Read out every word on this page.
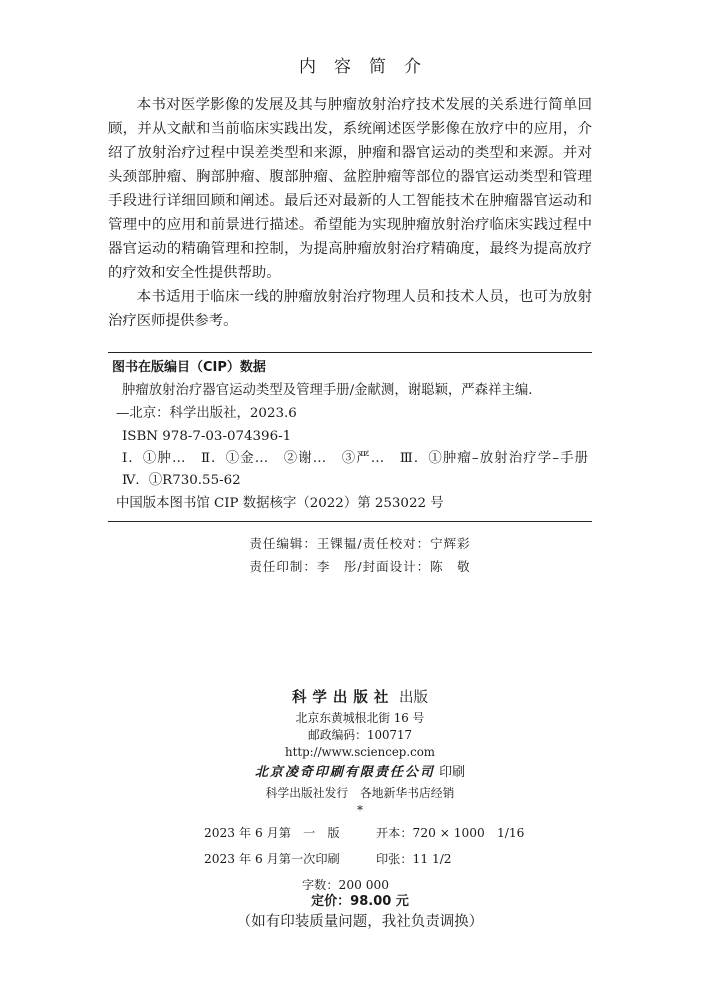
内容简介

本书对医学影像的发展及其与肿瘤放射治疗技术发展的关系进行简单回顾，并从文献和当前临床实践出发，系统阐述医学影像在放疗中的应用，介绍了放射治疗过程中误差类型和来源，肿瘤和器官运动的类型和来源。并对头颈部肿瘤、胸部肿瘤、腹部肿瘤、盆腔肿瘤等部位的器官运动类型和管理手段进行详细回顾和阐述。最后还对最新的人工智能技术在肿瘤器官运动和管理中的应用和前景进行描述。希望能为实现肿瘤放射治疗临床实践过程中器官运动的精确管理和控制，为提高肿瘤放射治疗精确度，最终为提高放疗的疗效和安全性提供帮助。

本书适用于临床一线的肿瘤放射治疗物理人员和技术人员，也可为放射治疗医师提供参考。

图书在版编目（CIP）数据
肿瘤放射治疗器官运动类型及管理手册/金献测，谢聪颖，严森祥主编．
—北京：科学出版社，2023.6
ISBN 978-7-03-074396-1
Ⅰ．①肿…　Ⅱ．①金…　②谢…　③严…　Ⅲ．①肿瘤–放射治疗学–手册　Ⅳ．①R730.55-62
中国版本图书馆 CIP 数据核字（2022）第 253022 号
责任编辑：王锞韫/责任校对：宁辉彩
责任印制：李　彤/封面设计：陈　敬
科学出版社 出版
北京东黄城根北街 16 号
邮政编码：100717
http://www.sciencep.com
北京凌奇印刷有限责任公司 印刷
科学出版社发行　各地新华书店经销
*
2023 年 6 月第　一　版	开本：720 × 1000　1/16
2023 年 6 月第一次印刷	印张：11 1/2
字数：200 000
定价：98.00 元
（如有印装质量问题，我社负责调换）
